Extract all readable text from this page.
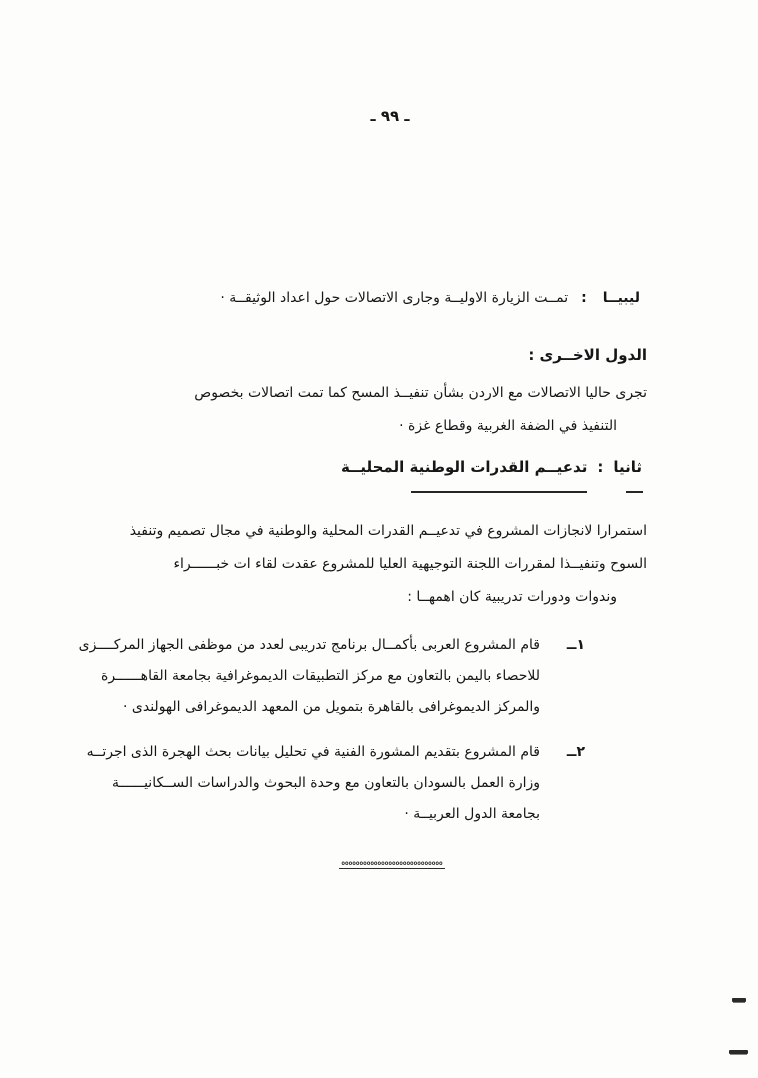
ـ ٩٩ ـ
ليبيــا
:
تمــت الزيارة الاوليــة وجارى الاتصالات حول اعداد الوثيقــة ·
الدول الاخــرى :
تجرى حاليا الاتصالات مع الاردن بشأن تنفيــذ المسح كما تمت اتصالات بخصوص
التنفيذ في الضفة الغربية وقطاع غزة ·
ثانيا
:
تدعيــم القدرات الوطنية المحليــة
استمرارا لانجازات المشروع في تدعيــم القدرات المحلية والوطنية في مجال تصميم وتنفيذ
السوح وتنفيــذا لمقررات اللجنة التوجيهية العليا للمشروع عقدت لقاء ات خبــــــراء
وندوات ودورات تدريبية كان اهمهــا :
١ــ
قام المشروع العربى بأكمــال برنامج تدريبى لعدد من موظفى الجهاز المركــــزى
للاحصاء باليمن بالتعاون مع مركز التطبيقات الديموغرافية بجامعة القاهــــــرة
والمركز الديموغرافى بالقاهرة بتمويل من المعهد الديموغرافى الهولندى ·
٢ــ
قام المشروع بتقديم المشورة الفنية في تحليل بيانات بحث الهجرة الذى اجرتــه
وزارة العمل بالسودان بالتعاون مع وحدة البحوث والدراسات الســكانيــــــة
بجامعة الدول العربيــة ·
oooooooooooooooooooooooooooo
